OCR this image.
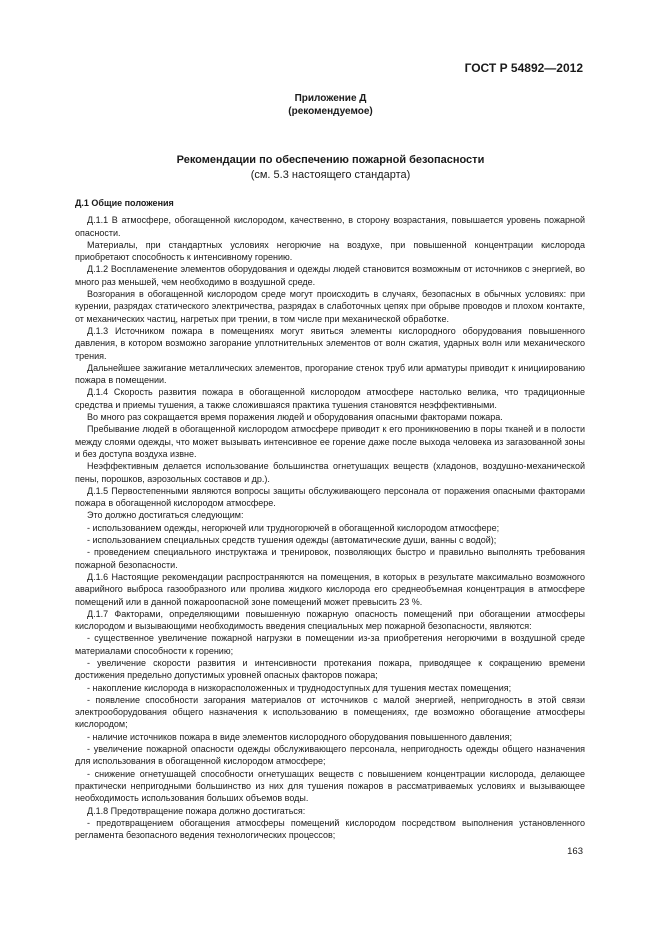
ГОСТ Р 54892—2012
Приложение Д
(рекомендуемое)
Рекомендации по обеспечению пожарной безопасности
(см. 5.3 настоящего стандарта)
Д.1 Общие положения

Д.1.1 В атмосфере, обогащенной кислородом, качественно, в сторону возрастания, повышается уровень пожарной опасности.

Материалы, при стандартных условиях негорючие на воздухе, при повышенной концентрации кислорода приобретают способность к интенсивному горению.

Д.1.2 Воспламенение элементов оборудования и одежды людей становится возможным от источников с энергией, во много раз меньшей, чем необходимо в воздушной среде.

Возгорания в обогащенной кислородом среде могут происходить в случаях, безопасных в обычных условиях: при курении, разрядах статического электричества, разрядах в слаботочных цепях при обрыве проводов и плохом контакте, от механических частиц, нагретых при трении, в том числе при механической обработке.

Д.1.3 Источником пожара в помещениях могут явиться элементы кислородного оборудования повышенного давления, в котором возможно загорание уплотнительных элементов от волн сжатия, ударных волн или механического трения.

Дальнейшее зажигание металлических элементов, прогорание стенок труб или арматуры приводит к инициированию пожара в помещении.

Д.1.4 Скорость развития пожара в обогащенной кислородом атмосфере настолько велика, что традиционные средства и приемы тушения, а также сложившаяся практика тушения становятся неэффективными.

Во много раз сокращается время поражения людей и оборудования опасными факторами пожара.

Пребывание людей в обогащенной кислородом атмосфере приводит к его проникновению в поры тканей и в полости между слоями одежды, что может вызывать интенсивное ее горение даже после выхода человека из загазованной зоны и без доступа воздуха извне.

Неэффективным делается использование большинства огнетушащих веществ (хладонов, воздушно-механической пены, порошков, аэрозольных составов и др.).

Д.1.5 Первостепенными являются вопросы защиты обслуживающего персонала от поражения опасными факторами пожара в обогащенной кислородом атмосфере.

Это должно достигаться следующим:

- использованием одежды, негорючей или трудногорючей в обогащенной кислородом атмосфере;

- использованием специальных средств тушения одежды (автоматические души, ванны с водой);

- проведением специального инструктажа и тренировок, позволяющих быстро и правильно выполнять требования пожарной безопасности.

Д.1.6 Настоящие рекомендации распространяются на помещения, в которых в результате максимально возможного аварийного выброса газообразного или пролива жидкого кислорода его среднеобъемная концентрация в атмосфере помещений или в данной пожароопасной зоне помещений может превысить 23 %.

Д.1.7 Факторами, определяющими повышенную пожарную опасность помещений при обогащении атмосферы кислородом и вызывающими необходимость введения специальных мер пожарной безопасности, являются:

- существенное увеличение пожарной нагрузки в помещении из-за приобретения негорючими в воздушной среде материалами способности к горению;

- увеличение скорости развития и интенсивности протекания пожара, приводящее к сокращению времени достижения предельно допустимых уровней опасных факторов пожара;

- накопление кислорода в низкорасположенных и труднодоступных для тушения местах помещения;

- появление способности загорания материалов от источников с малой энергией, непригодность в этой связи электрооборудования общего назначения к использованию в помещениях, где возможно обогащение атмосферы кислородом;

- наличие источников пожара в виде элементов кислородного оборудования повышенного давления;

- увеличение пожарной опасности одежды обслуживающего персонала, непригодность одежды общего назначения для использования в обогащенной кислородом атмосфере;

- снижение огнетушащей способности огнетушащих веществ с повышением концентрации кислорода, делающее практически непригодными большинство из них для тушения пожаров в рассматриваемых условиях и вызывающее необходимость использования больших объемов воды.

Д.1.8 Предотвращение пожара должно достигаться:

- предотвращением обогащения атмосферы помещений кислородом посредством выполнения установленного регламента безопасного ведения технологических процессов;

163
